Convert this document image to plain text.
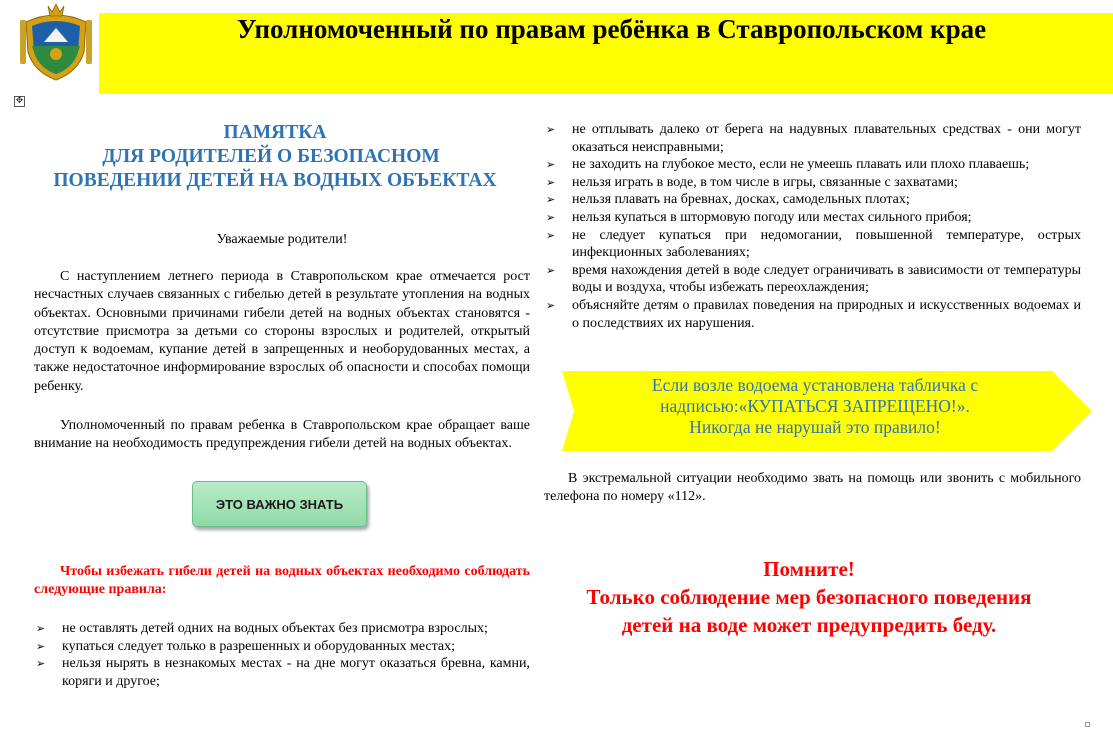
Уполномоченный по правам ребёнка в Ставропольском крае
✥
ПАМЯТКА
ДЛЯ РОДИТЕЛЕЙ О БЕЗОПАСНОМ
ПОВЕДЕНИИ ДЕТЕЙ НА ВОДНЫХ ОБЪЕКТАХ
Уважаемые родители!

С наступлением летнего периода в Ставропольском крае отмечается рост несчастных случаев связанных с гибелью детей в результате утопления на водных объектах. Основными причинами гибели детей на водных объектах становятся - отсутствие присмотра за детьми со стороны взрослых и родителей, открытый доступ к водоемам, купание детей в запрещенных и необорудованных местах, а также недостаточное информирование взрослых об опасности и способах помощи ребенку.

Уполномоченный по правам ребенка в Ставропольском крае обращает ваше внимание на необходимость предупреждения гибели детей на водных объектах.

ЭТО ВАЖНО ЗНАТЬ

Чтобы избежать гибели детей на водных объектах необходимо соблюдать следующие правила:

➢ не оставлять детей одних на водных объектах без присмотра взрослых;
➢ купаться следует только в разрешенных и оборудованных местах;
➢ нельзя нырять в незнакомых местах - на дне могут оказаться бревна, камни, коряги и другое;
➢ не отплывать далеко от берега на надувных плавательных средствах - они могут оказаться неисправными;
➢ не заходить на глубокое место, если не умеешь плавать или плохо плаваешь;
➢ нельзя играть в воде, в том числе в игры, связанные с захватами;
➢ нельзя плавать на бревнах, досках, самодельных плотах;
➢ нельзя купаться в штормовую погоду или местах сильного прибоя;
➢ не следует купаться при недомогании, повышенной температуре, острых инфекционных заболеваниях;
➢ время нахождения детей в воде следует ограничивать в зависимости от температуры воды и воздуха, чтобы избежать переохлаждения;
➢ объясняйте детям о правилах поведения на природных и искусственных водоемах и о последствиях их нарушения.
Если возле водоема установлена табличка с
надписью:«КУПАТЬСЯ ЗАПРЕЩЕНО!».
Никогда не нарушай это правило!

В экстремальной ситуации необходимо звать на помощь или звонить с мобильного телефона по номеру «112».

Помните!
Только соблюдение мер безопасного поведения
детей на воде может предупредить беду.
